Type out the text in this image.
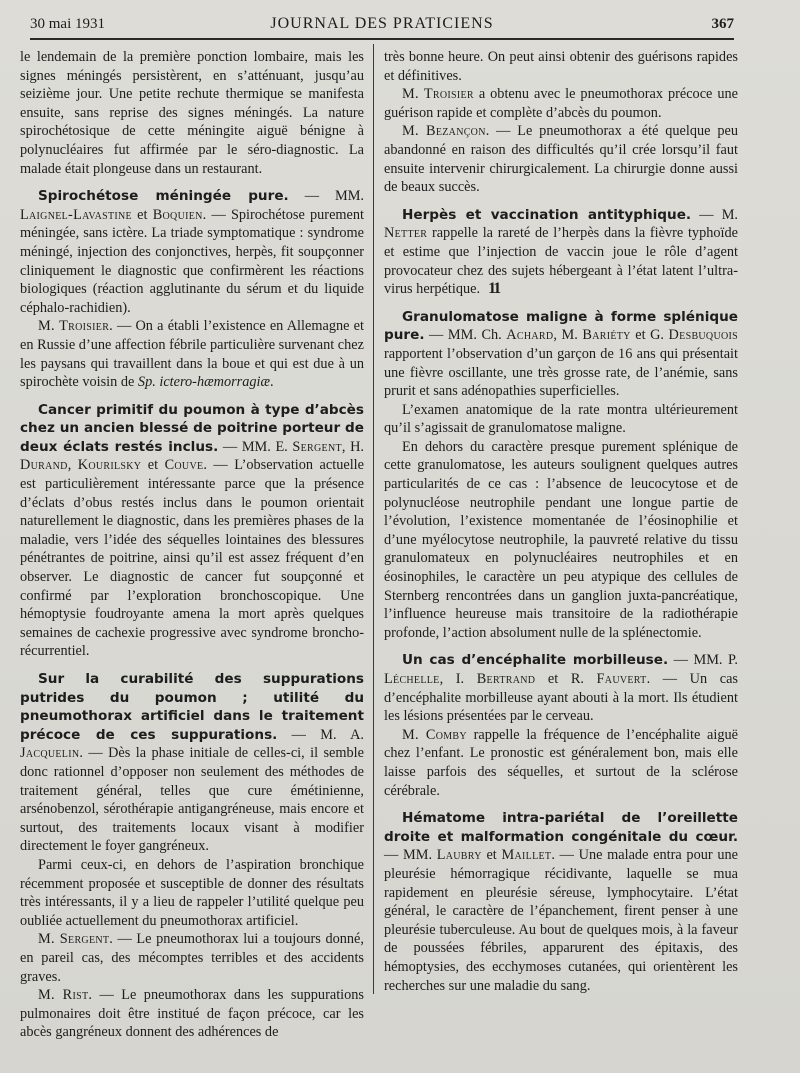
30 mai 1931	JOURNAL DES PRATICIENS	367

le lendemain de la première ponction lombaire, mais les signes méningés persistèrent, en s’atténuant, jusqu’au seizième jour. Une petite rechute thermique se manifesta ensuite, sans reprise des signes méningés. La nature spirochétosique de cette méningite aiguë bénigne à polynucléaires fut affirmée par le séro-diagnostic. La malade était plongeuse dans un restaurant.

Spirochétose méningée pure. — MM. Laignel-Lavastine et Boquien. — Spirochétose purement méningée, sans ictère. La triade symptomatique : syndrome méningé, injection des conjonctives, herpès, fit soupçonner cliniquement le diagnostic que confirmèrent les réactions biologiques (réaction agglutinante du sérum et du liquide céphalo-rachidien).

M. Troisier. — On a établi l’existence en Allemagne et en Russie d’une affection fébrile particulière survenant chez les paysans qui travaillent dans la boue et qui est due à un spirochète voisin de Sp. ictero-hæmorragiæ.

Cancer primitif du poumon à type d’abcès chez un ancien blessé de poitrine porteur de deux éclats restés inclus. — MM. E. Sergent, H. Durand, Kourilsky et Couve. — L’observation actuelle est particulièrement intéressante parce que la présence d’éclats d’obus restés inclus dans le poumon orientait naturellement le diagnostic, dans les premières phases de la maladie, vers l’idée des séquelles lointaines des blessures pénétrantes de poitrine, ainsi qu’il est assez fréquent d’en observer. Le diagnostic de cancer fut soupçonné et confirmé par l’exploration bronchoscopique. Une hémoptysie foudroyante amena la mort après quelques semaines de cachexie progressive avec syndrome broncho-récurrentiel.

Sur la curabilité des suppurations putrides du poumon ; utilité du pneumothorax artificiel dans le traitement précoce de ces suppurations. — M. A. Jacquelin. — Dès la phase initiale de celles-ci, il semble donc rationnel d’opposer non seulement des méthodes de traitement général, telles que cure émétinienne, arsénobenzol, sérothérapie antigangréneuse, mais encore et surtout, des traitements locaux visant à modifier directement le foyer gangréneux.

Parmi ceux-ci, en dehors de l’aspiration bronchique récemment proposée et susceptible de donner des résultats très intéressants, il y a lieu de rappeler l’utilité quelque peu oubliée actuellement du pneumothorax artificiel.

M. Sergent. — Le pneumothorax lui a toujours donné, en pareil cas, des mécomptes terribles et des accidents graves.

M. Rist. — Le pneumothorax dans les suppurations pulmonaires doit être institué de façon précoce, car les abcès gangréneux donnent des adhérences de

très bonne heure. On peut ainsi obtenir des guérisons rapides et définitives.

M. Troisier a obtenu avec le pneumothorax précoce une guérison rapide et complète d’abcès du poumon.

M. Bezançon. — Le pneumothorax a été quelque peu abandonné en raison des difficultés qu’il crée lorsqu’il faut ensuite intervenir chirurgicalement. La chirurgie donne aussi de beaux succès.

Herpès et vaccination antityphique. — M. Netter rappelle la rareté de l’herpès dans la fièvre typhoïde et estime que l’injection de vaccin joue le rôle d’agent provocateur chez des sujets hébergeant à l’état latent l’ultra-virus herpétique. 11

Granulomatose maligne à forme splénique pure. — MM. Ch. Achard, M. Bariéty et G. Desbuquois rapportent l’observation d’un garçon de 16 ans qui présentait une fièvre oscillante, une très grosse rate, de l’anémie, sans prurit et sans adénopathies superficielles.

L’examen anatomique de la rate montra ultérieurement qu’il s’agissait de granulomatose maligne.

En dehors du caractère presque purement splénique de cette granulomatose, les auteurs soulignent quelques autres particularités de ce cas : l’absence de leucocytose et de polynucléose neutrophile pendant une longue partie de l’évolution, l’existence momentanée de l’éosinophilie et d’une myélocytose neutrophile, la pauvreté relative du tissu granulomateux en polynucléaires neutrophiles et en éosinophiles, le caractère un peu atypique des cellules de Sternberg rencontrées dans un ganglion juxta-pancréatique, l’influence heureuse mais transitoire de la radiothérapie profonde, l’action absolument nulle de la splénectomie.

Un cas d’encéphalite morbilleuse. — MM. P. Léchelle, I. Bertrand et R. Fauvert. — Un cas d’encéphalite morbilleuse ayant abouti à la mort. Ils étudient les lésions présentées par le cerveau.

M. Comby rappelle la fréquence de l’encéphalite aiguë chez l’enfant. Le pronostic est généralement bon, mais elle laisse parfois des séquelles, et surtout de la sclérose cérébrale.

Hématome intra-pariétal de l’oreillette droite et malformation congénitale du cœur. — MM. Laubry et Maillet. — Une malade entra pour une pleurésie hémorragique récidivante, laquelle se mua rapidement en pleurésie séreuse, lymphocytaire. L’état général, le caractère de l’épanchement, firent penser à une pleurésie tuberculeuse. Au bout de quelques mois, à la faveur de poussées fébriles, apparurent des épitaxis, des hémoptysies, des ecchymoses cutanées, qui orientèrent les recherches sur une maladie du sang.
